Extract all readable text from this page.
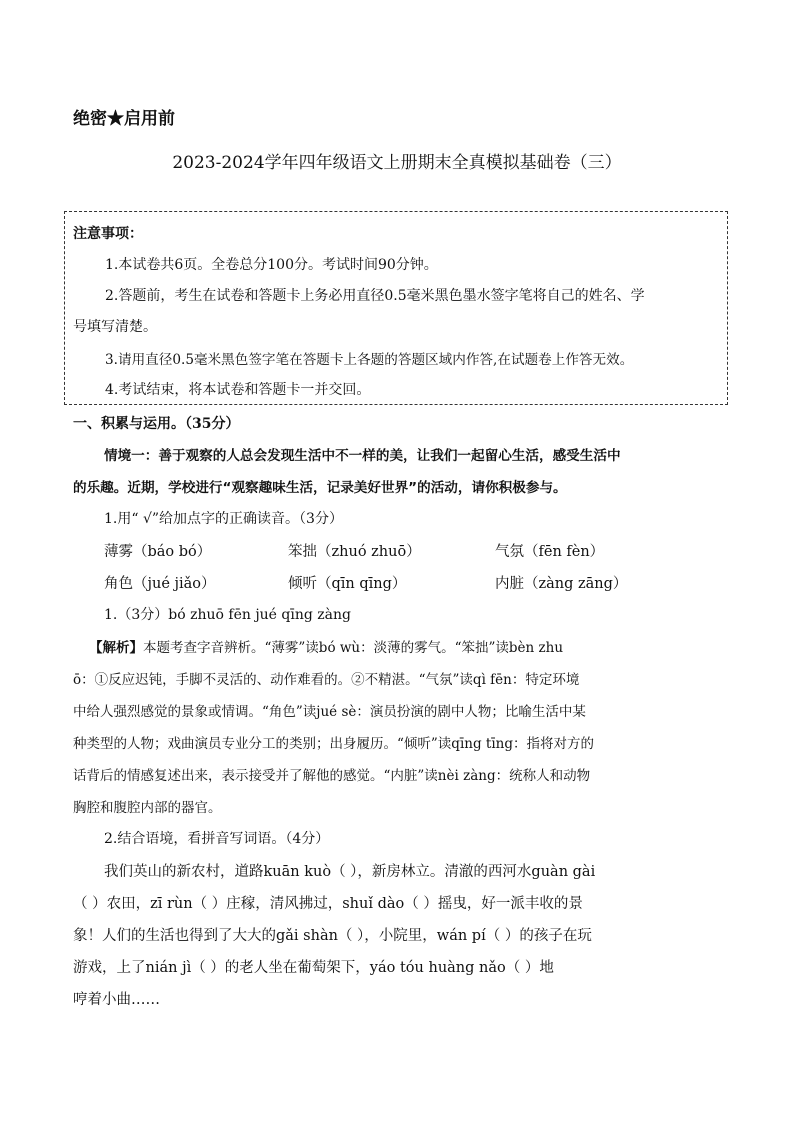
绝密★启用前
2023-2024学年四年级语文上册期末全真模拟基础卷（三）
注意事项：
1.本试卷共6页。全卷总分100分。考试时间90分钟。
2.答题前，考生在试卷和答题卡上务必用直径0.5毫米黑色墨水签字笔将自己的姓名、学
号填写清楚。
3.请用直径0.5毫米黑色签字笔在答题卡上各题的答题区域内作答,在试题卷上作答无效。
4.考试结束，将本试卷和答题卡一并交回。
一、积累与运用。（35分）
情境一：善于观察的人总会发现生活中不一样的美，让我们一起留心生活，感受生活中
的乐趣。近期，学校进行“观察趣味生活，记录美好世界”的活动，请你积极参与。
1.用“ √”给加点字的正确读音。（3分）
薄雾（báo bó）	笨拙（zhuó zhuō）	气氛（fēn fèn）
角色（jué jiǎo）	倾听（qīn qīng）	内脏（zàng zāng）
1.（3分）bó zhuō fēn jué qīng zàng
【解析】本题考查字音辨析。“薄雾”读bó wù：淡薄的雾气。“笨拙”读bèn zhu
ō：①反应迟钝，手脚不灵活的、动作难看的。②不精湛。“气氛”读qì fēn：特定环境
中给人强烈感觉的景象或情调。“角色”读jué sè：演员扮演的剧中人物；比喻生活中某
种类型的人物；戏曲演员专业分工的类别；出身履历。“倾听”读qīng tīng：指将对方的
话背后的情感复述出来，表示接受并了解他的感觉。“内脏”读nèi zàng：统称人和动物
胸腔和腹腔内部的器官。
2.结合语境，看拼音写词语。（4分）
我们英山的新农村，道路kuān kuò（ ），新房林立。清澈的西河水guàn gài
（ ）农田，zī rùn（ ）庄稼，清风拂过，shuǐ dào（ ）摇曳，好一派丰收的景
象！人们的生活也得到了大大的gǎi shàn（ ），小院里，wán pí（ ）的孩子在玩
游戏，上了nián jì（ ）的老人坐在葡萄架下，yáo tóu huàng nǎo（ ）地
哼着小曲……
